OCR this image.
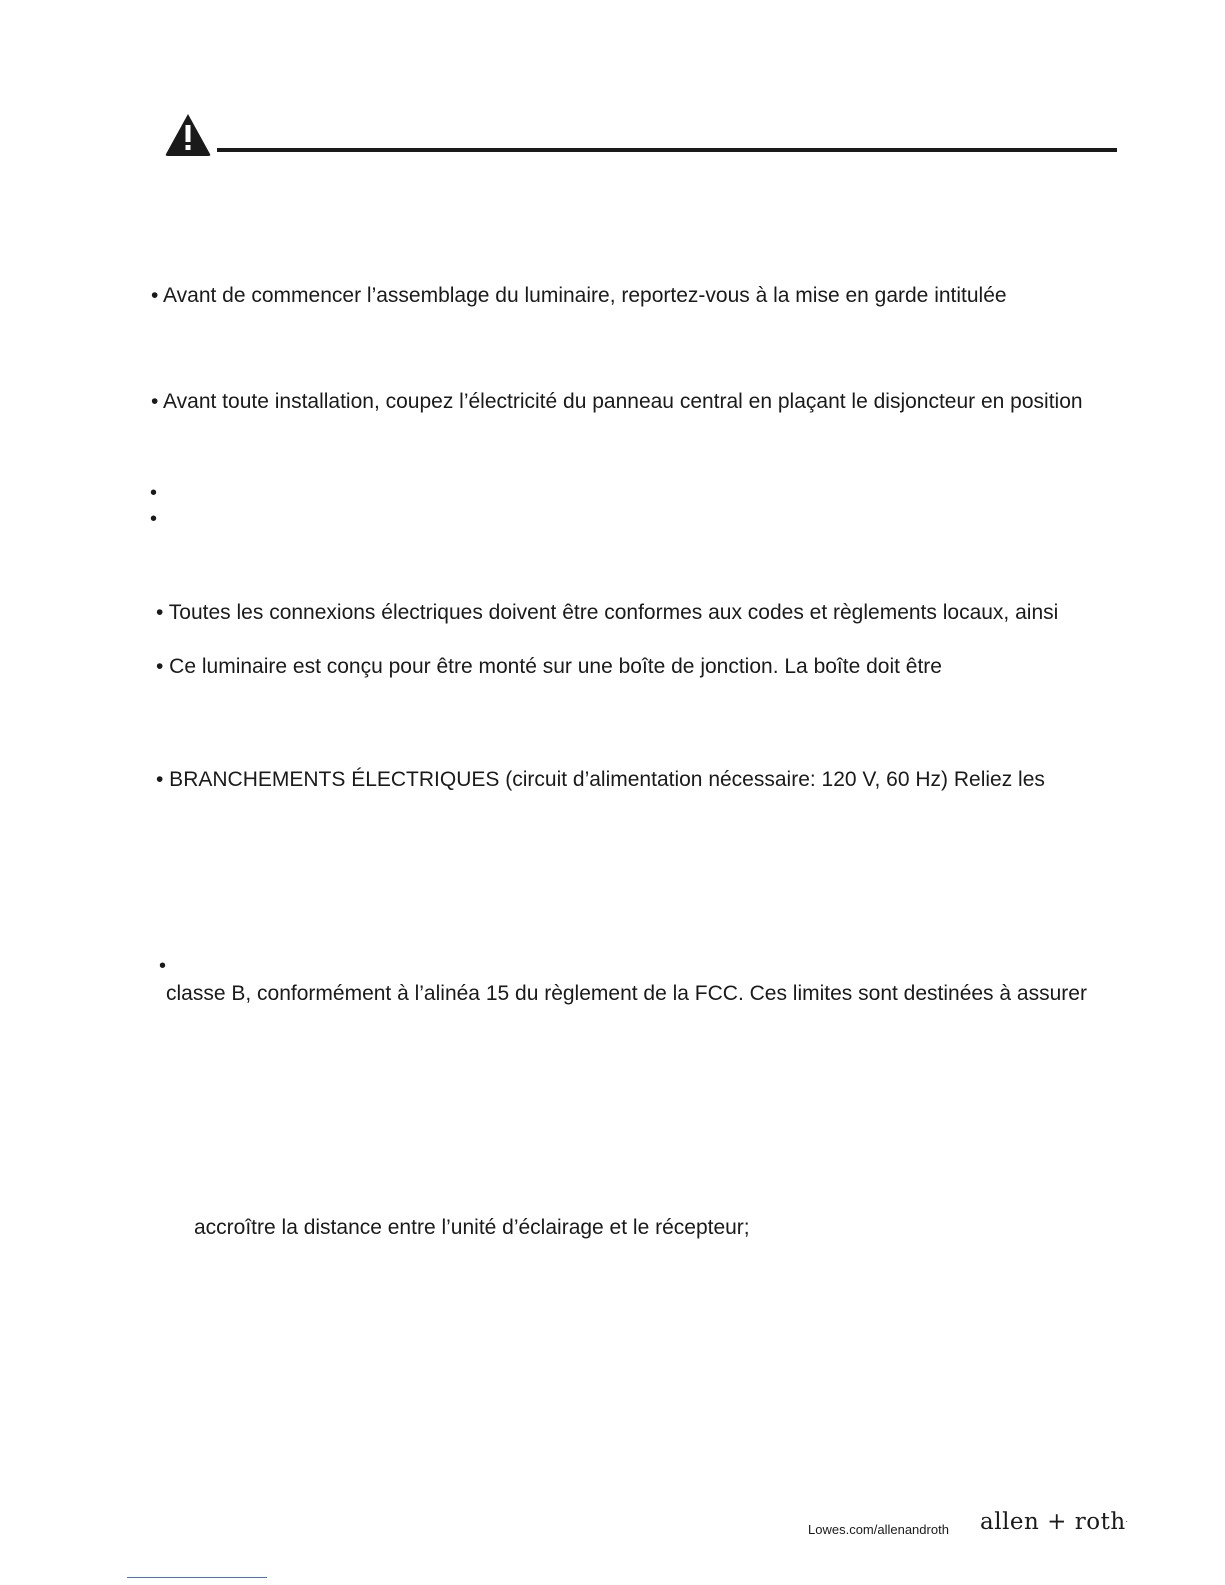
• Avant de commencer l’assemblage du luminaire, reportez-vous à la mise en garde intitulée
• Avant toute installation, coupez l’électricité du panneau central en plaçant le disjoncteur en position
•
•
• Toutes les connexions électriques doivent être conformes aux codes et règlements locaux, ainsi
• Ce luminaire est conçu pour être monté sur une boîte de jonction. La boîte doit être
• BRANCHEMENTS ÉLECTRIQUES (circuit d’alimentation nécessaire: 120 V, 60 Hz) Reliez les
•
classe B, conformément à l’alinéa 15 du règlement de la FCC. Ces limites sont destinées à assurer
accroître la distance entre l’unité d’éclairage et le récepteur;
Lowes.com/allenandroth allen + roth·
